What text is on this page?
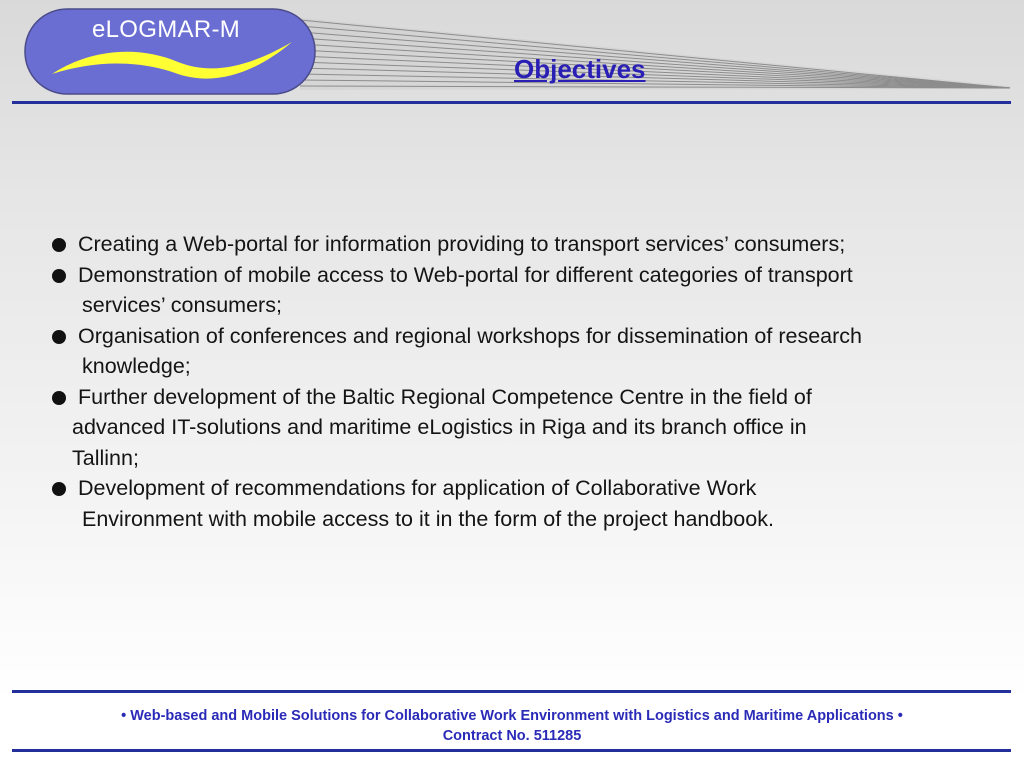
eLOGMAR-M
Objectives
Creating a Web-portal for information providing to transport services’ consumers;
Demonstration of mobile access to Web-portal for different categories of transport
services’ consumers;
Organisation of conferences and regional workshops for dissemination of research
knowledge;
Further development of the Baltic Regional Competence Centre in the field of
advanced IT-solutions and maritime eLogistics in Riga and its branch office in
Tallinn;
Development of recommendations for application of Collaborative Work
Environment with mobile access to it in the form of the project handbook.
• Web-based and Mobile Solutions for Collaborative Work Environment with Logistics and Maritime Applications •
Contract No. 511285
